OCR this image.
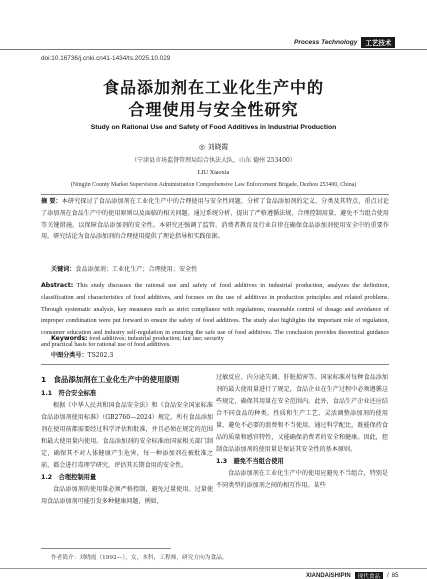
Process Technology	工艺技术
doi:10.16736/j.cnki.cn41-1434/ts.2025.10.029
食品添加剂在工业化生产中的
合理使用与安全性研究
Study on Rational Use and Safety of Food Additives in Industrial Production
◎ 刘晓霞
（宁津县市场监督管理局综合执法大队，山东 德州 253400）
LIU Xiaoxia
(Ningjin County Market Supervision Administration Comprehensive Law Enforcement Brigade, Dezhou 253400, China)
摘 要：本研究探讨了食品添加剂在工业化生产中的合理使用与安全性问题，分析了食品添加剂的定义、分类及其特点，重点讨论了添加剂在食品生产中的使用原则以及面临的相关问题。通过系统分析，提出了严格遵循法规、合理控制用量、避免不当组合使用等关键措施，以保障食品添加剂的安全性。本研究还强调了监管、消费者教育及行业自律在确保食品添加剂使用安全中的重要作用。研究结论为食品添加剂的合理使用提供了理论指导和实践依据。
关键词：食品添加剂；工业化生产；合理使用；安全性
Abstract: This study discusses the rational use and safety of food additives in industrial production, analyzes the definition, classification and characteristics of food additives, and focuses on the use of additives in production principles and related problems. Through systematic analysis, key measures such as strict compliance with regulations, reasonable control of dosage and avoidance of improper combination were put forward to ensure the safety of food additives. The study also highlights the important role of regulation, consumer education and industry self-regulation in ensuring the safe use of food additives. The conclusion provides theoretical guidance and practical basis for rational use of food additives.
Keywords: food additives; industrial production; fair use; security
中图分类号：TS202.3
1　食品添加剂在工业化生产中的使用原则
1.1　符合安全标准
根据《中华人民共和国食品安全法》和《食品安全国家标准 食品添加剂使用标准》（GB2760—2024）规定，所有食品添加剂在使用前都需要经过科学评估和批准，并且必须在规定的范围和最大使用量内使用。食品添加剂的安全标准由国家相关部门制定，确保其不对人体健康产生危害，每一种添加剂在被批准之前，都会进行毒理学研究，评估其长期食用的安全性。
1.2　合理控制用量
食品添加剂的使用量必须严格控制，避免过量使用。过量使用食品添加剂可能引发多种健康问题，例如，
过敏反应、内分泌失调、肝脏损害等。国家标准对每种食品添加剂的最大使用量进行了规定，食品企业在生产过程中必须遵循这些规定，确保其用量在安全范围内。此外，食品生产企业还应结合不同食品的种类、性质和生产工艺，灵活调整添加剂的使用量，避免不必要的浪费和不当使用。通过科学配比，既能保持食品的质量和感官特性，又能确保消费者的安全和健康。因此，控制食品添加剂的使用量是保证其安全性的基本原则。
1.3　避免不当组合使用
食品添加剂在工业化生产中的使用应避免不当组合，特别是不同类型的添加剂之间的相互作用。某些
作者简介：刘晓霞（1992—），女，本科，工程师，研究方向为食品。
XIANDAISHIPIN	现代食品	/ 85
